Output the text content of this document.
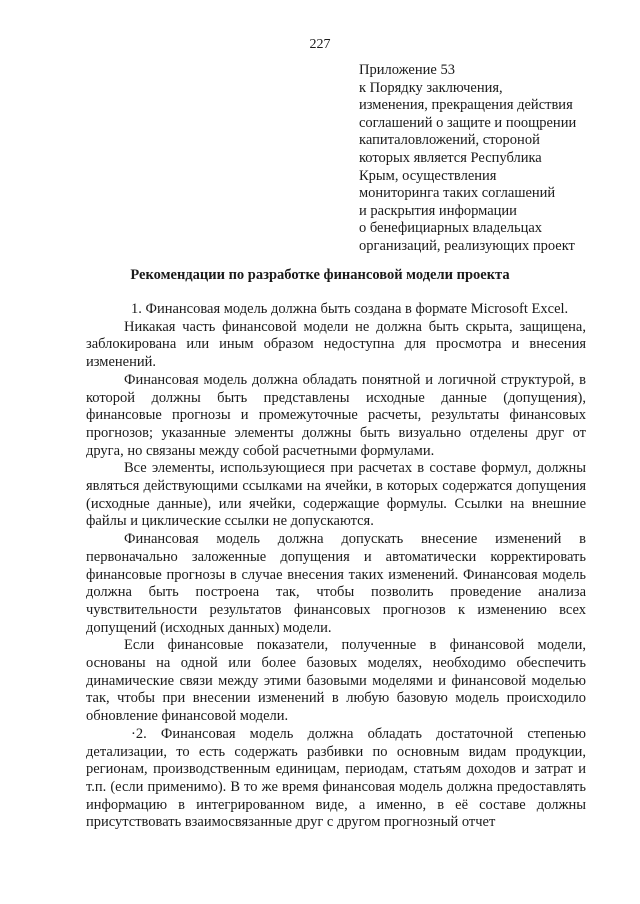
227
Приложение 53
к Порядку заключения,
изменения, прекращения действия
соглашений о защите и поощрении
капиталовложений, стороной
которых является Республика
Крым, осуществления
мониторинга таких соглашений
и раскрытия информации
о бенефициарных владельцах
организаций, реализующих проект
Рекомендации по разработке финансовой модели проекта

1. Финансовая модель должна быть создана в формате Microsoft Excel.

Никакая часть финансовой модели не должна быть скрыта, защищена, заблокирована или иным образом недоступна для просмотра и внесения изменений.

Финансовая модель должна обладать понятной и логичной структурой, в которой должны быть представлены исходные данные (допущения), финансовые прогнозы и промежуточные расчеты, результаты финансовых прогнозов; указанные элементы должны быть визуально отделены друг от друга, но связаны между собой расчетными формулами.

Все элементы, использующиеся при расчетах в составе формул, должны являться действующими ссылками на ячейки, в которых содержатся допущения (исходные данные), или ячейки, содержащие формулы. Ссылки на внешние файлы и циклические ссылки не допускаются.

Финансовая модель должна допускать внесение изменений в первоначально заложенные допущения и автоматически корректировать финансовые прогнозы в случае внесения таких изменений. Финансовая модель должна быть построена так, чтобы позволить проведение анализа чувствительности результатов финансовых прогнозов к изменению всех допущений (исходных данных) модели.

Если финансовые показатели, полученные в финансовой модели, основаны на одной или более базовых моделях, необходимо обеспечить динамические связи между этими базовыми моделями и финансовой моделью так, чтобы при внесении изменений в любую базовую модель происходило обновление финансовой модели.

·2. Финансовая модель должна обладать достаточной степенью детализации, то есть содержать разбивки по основным видам продукции, регионам, производственным единицам, периодам, статьям доходов и затрат и т.п. (если применимо). В то же время финансовая модель должна предоставлять информацию в интегрированном виде, а именно, в её составе должны присутствовать взаимосвязанные друг с другом прогнозный отчет
